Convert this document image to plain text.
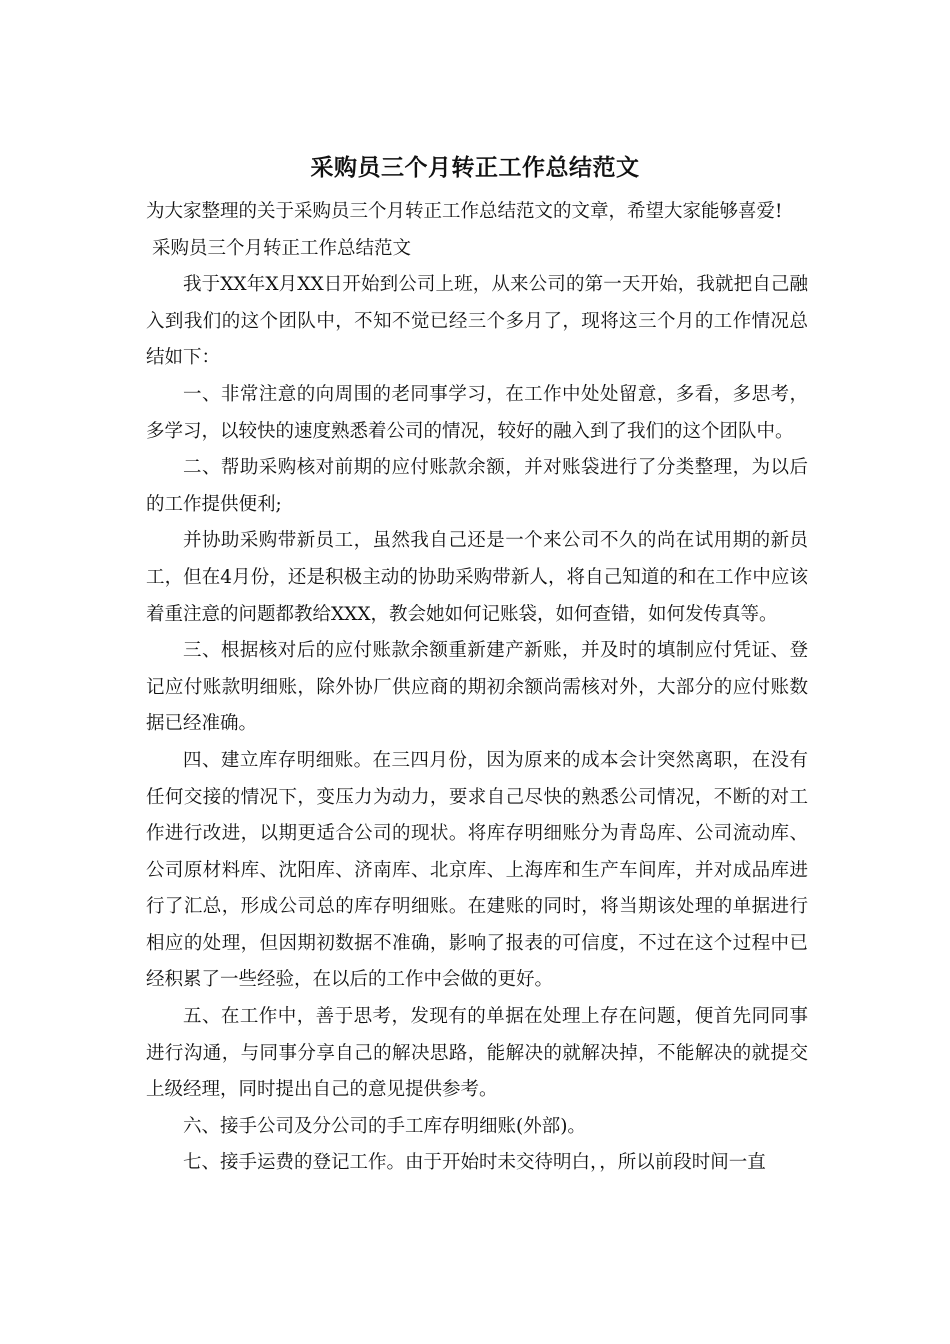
采购员三个月转正工作总结范文

为大家整理的关于采购员三个月转正工作总结范文的文章，希望大家能够喜爱!

采购员三个月转正工作总结范文

我于XX年X月XX日开始到公司上班，从来公司的第一天开始，我就把自己融入到我们的这个团队中，不知不觉已经三个多月了，现将这三个月的工作情况总结如下：

一、非常注意的向周围的老同事学习，在工作中处处留意，多看，多思考，多学习，以较快的速度熟悉着公司的情况，较好的融入到了我们的这个团队中。

二、帮助采购核对前期的应付账款余额，并对账袋进行了分类整理，为以后的工作提供便利;

并协助采购带新员工，虽然我自己还是一个来公司不久的尚在试用期的新员工，但在4月份，还是积极主动的协助采购带新人，将自己知道的和在工作中应该着重注意的问题都教给XXX，教会她如何记账袋，如何查错，如何发传真等。

三、根据核对后的应付账款余额重新建产新账，并及时的填制应付凭证、登记应付账款明细账，除外协厂供应商的期初余额尚需核对外，大部分的应付账数据已经准确。

四、建立库存明细账。在三四月份，因为原来的成本会计突然离职，在没有任何交接的情况下，变压力为动力，要求自己尽快的熟悉公司情况，不断的对工作进行改进，以期更适合公司的现状。将库存明细账分为青岛库、公司流动库、公司原材料库、沈阳库、济南库、北京库、上海库和生产车间库，并对成品库进行了汇总，形成公司总的库存明细账。在建账的同时，将当期该处理的单据进行相应的处理，但因期初数据不准确，影响了报表的可信度，不过在这个过程中已经积累了一些经验，在以后的工作中会做的更好。

五、在工作中，善于思考，发现有的单据在处理上存在问题，便首先同同事进行沟通，与同事分享自己的解决思路，能解决的就解决掉，不能解决的就提交上级经理，同时提出自己的意见提供参考。

六、接手公司及分公司的手工库存明细账(外部)。

七、接手运费的登记工作。由于开始时未交待明白，，所以前段时间一直
